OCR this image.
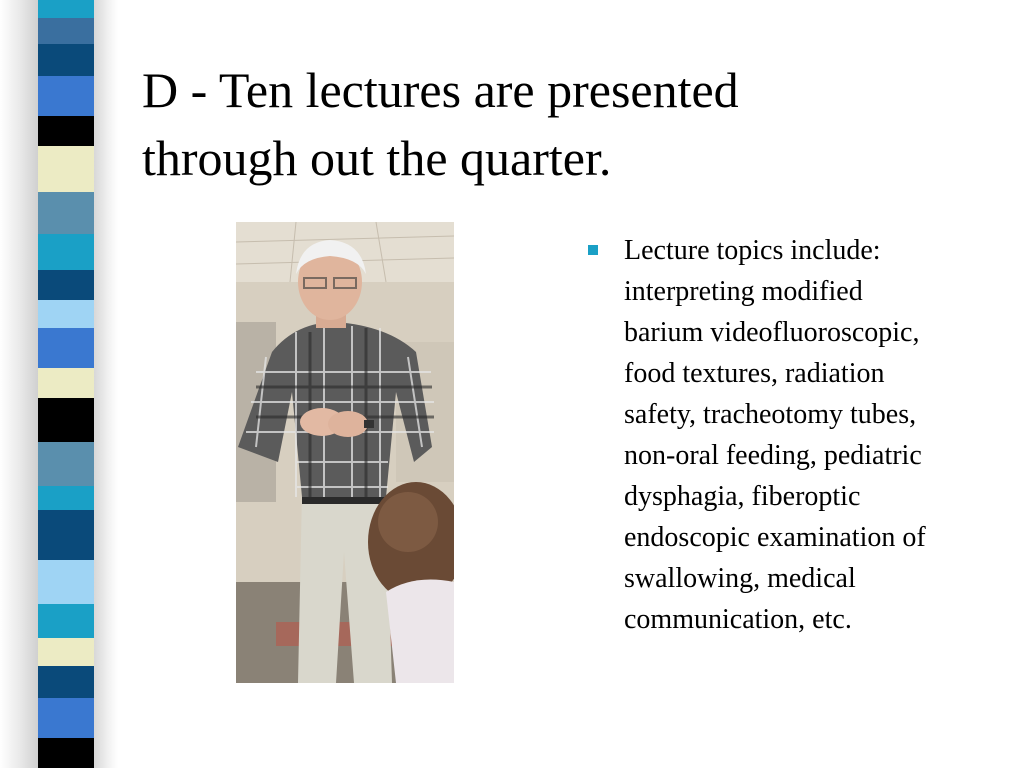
D - Ten lectures are presented
through out the quarter.
Lecture topics include:
interpreting modified
barium videofluoroscopic,
food textures, radiation
safety, tracheotomy tubes,
non-oral feeding, pediatric
dysphagia, fiberoptic
endoscopic examination of
swallowing, medical
communication, etc.
